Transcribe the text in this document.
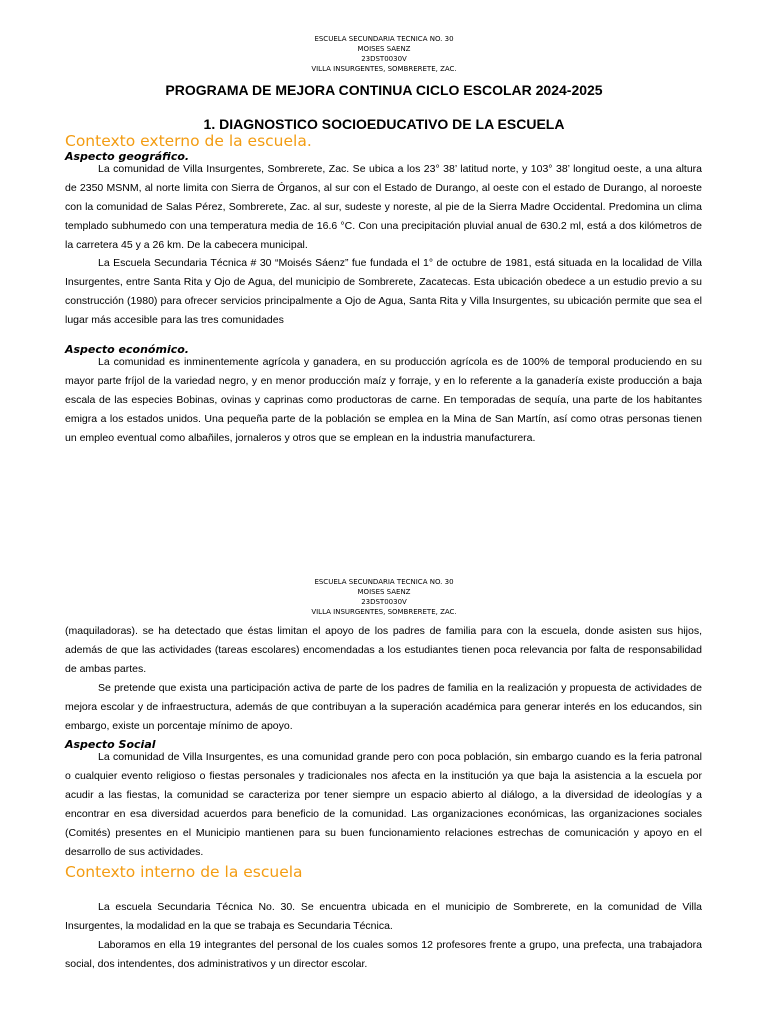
ESCUELA SECUNDARIA TECNICA NO. 30
MOISES SAENZ
23DST0030V
VILLA INSURGENTES, SOMBRERETE, ZAC.
PROGRAMA DE MEJORA CONTINUA CICLO ESCOLAR 2024-2025
1. DIAGNOSTICO SOCIOEDUCATIVO DE LA ESCUELA
Contexto externo de la escuela.
Aspecto geográfico.

La comunidad de Villa Insurgentes, Sombrerete, Zac. Se ubica a los 23° 38’ latitud norte, y 103° 38’ longitud oeste, a una altura de 2350 MSNM, al norte limita con Sierra de Órganos, al sur con el Estado de Durango, al oeste con el estado de Durango, al noroeste con la comunidad de Salas Pérez, Sombrerete, Zac. al sur, sudeste y noreste, al pie de la Sierra Madre Occidental. Predomina un clima templado subhumedo con una temperatura media de 16.6 °C. Con una precipitación pluvial anual de 630.2 ml, está a dos kilómetros de la carretera 45 y a 26 km. De la cabecera municipal.

La Escuela Secundaria Técnica # 30 “Moisés Sáenz” fue fundada el 1° de octubre de 1981, está situada en la localidad de Villa Insurgentes, entre Santa Rita y Ojo de Agua, del municipio de Sombrerete, Zacatecas. Esta ubicación obedece a un estudio previo a su construcción (1980) para ofrecer servicios principalmente a Ojo de Agua, Santa Rita y Villa Insurgentes, su ubicación permite que sea el lugar más accesible para las tres comunidades

Aspecto económico.

La comunidad es inminentemente agrícola y ganadera, en su producción agrícola es de 100% de temporal produciendo en su mayor parte fríjol de la variedad negro, y en menor producción maíz y forraje, y en lo referente a la ganadería existe producción a baja escala de las especies Bobinas, ovinas y caprinas como productoras de carne. En temporadas de sequía, una parte de los habitantes emigra a los estados unidos. Una pequeña parte de la población se emplea en la Mina de San Martín, así como otras personas tienen un empleo eventual como albañiles, jornaleros y otros que se emplean en la industria manufacturera.

ESCUELA SECUNDARIA TECNICA NO. 30
MOISES SAENZ
23DST0030V
VILLA INSURGENTES, SOMBRERETE, ZAC.

(maquiladoras). se ha detectado que éstas limitan el apoyo de los padres de familia para con la escuela, donde asisten sus hijos, además de que las actividades (tareas escolares) encomendadas a los estudiantes tienen poca relevancia por falta de responsabilidad de ambas partes.

Se pretende que exista una participación activa de parte de los padres de familia en la realización y propuesta de actividades de mejora escolar y de infraestructura, además de que contribuyan a la superación académica para generar interés en los educandos, sin embargo, existe un porcentaje mínimo de apoyo.

Aspecto Social

La comunidad de Villa Insurgentes, es una comunidad grande pero con poca población, sin embargo cuando es la feria patronal o cualquier evento religioso o fiestas personales y tradicionales nos afecta en la institución ya que baja la asistencia a la escuela por acudir a las fiestas, la comunidad se caracteriza por tener siempre un espacio abierto al diálogo, a la diversidad de ideologías y a encontrar en esa diversidad acuerdos para beneficio de la comunidad. Las organizaciones económicas, las organizaciones sociales (Comités) presentes en el Municipio mantienen para su buen funcionamiento relaciones estrechas de comunicación y apoyo en el desarrollo de sus actividades.

Contexto interno de la escuela

La escuela Secundaria Técnica No. 30. Se encuentra ubicada en el municipio de Sombrerete, en la comunidad de Villa Insurgentes, la modalidad en la que se trabaja es Secundaria Técnica.

Laboramos en ella 19 integrantes del personal de los cuales somos 12 profesores frente a grupo, una prefecta, una trabajadora social, dos intendentes, dos administrativos y un director escolar.
